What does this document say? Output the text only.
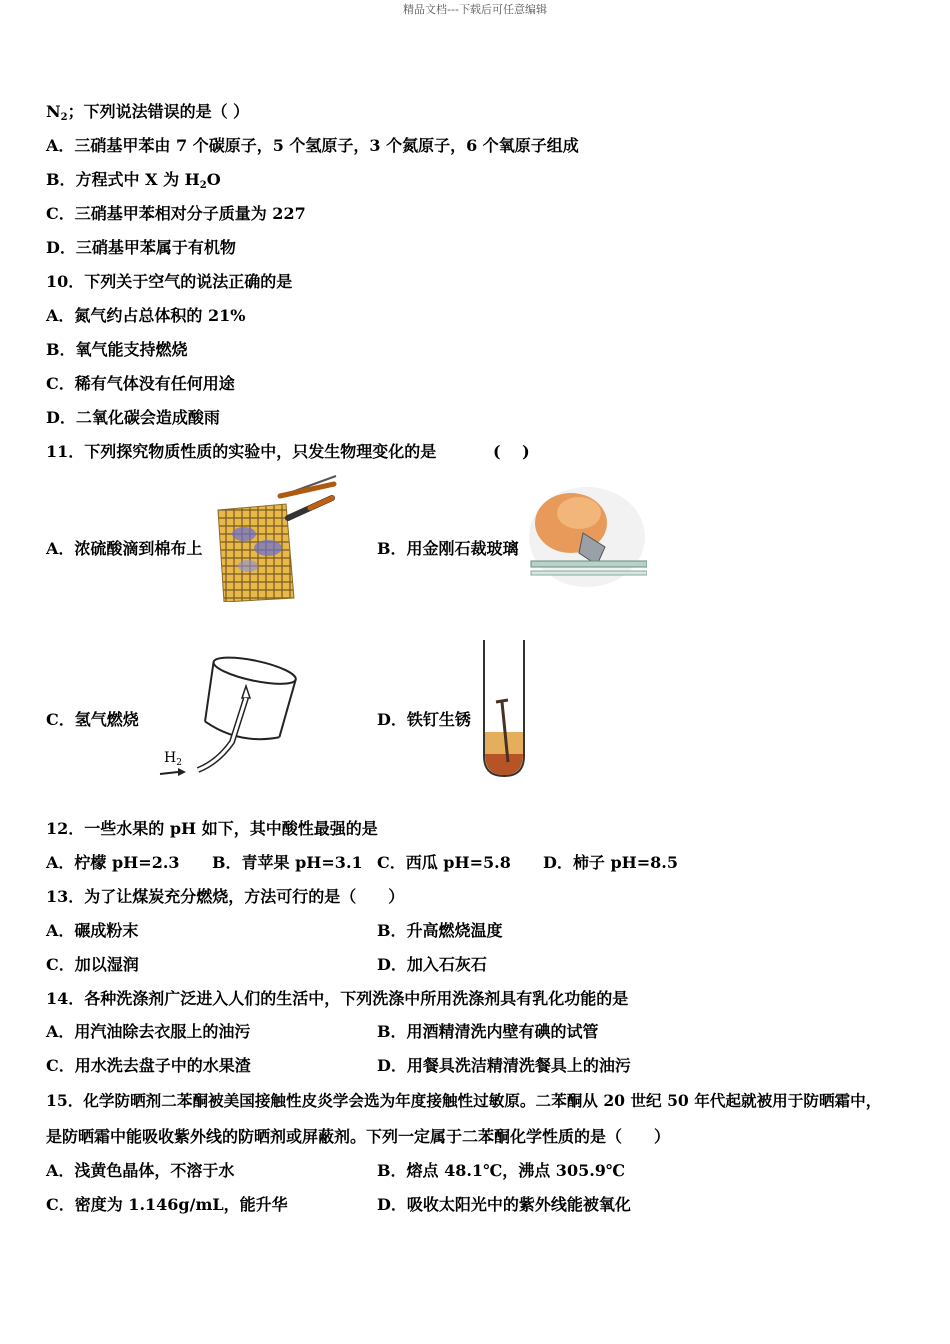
精品文档---下载后可任意编辑
$N_2$；下列说法错误的是（ ）
A．三硝基甲苯由 7 个碳原子，5 个氢原子，3 个氮原子，6 个氧原子组成
B．方程式中 X 为 $H_2O$
C．三硝基甲苯相对分子质量为 227
D．三硝基甲苯属于有机物
10．下列关于空气的说法正确的是
A．氮气约占总体积的 21%
B．氧气能支持燃烧
C．稀有气体没有任何用途
D．二氧化碳会造成酸雨
11．下列探究物质性质的实验中，只发生物理变化的是	(　 )
A．浓硫酸滴到棉布上	B．用金刚石裁玻璃
C．氢气燃烧
$H_2$
D．铁钉生锈
12．一些水果的 pH 如下，其中酸性最强的是
A．柠檬 pH=2.3 B．青苹果 pH=3.1 C．西瓜 pH=5.8 D．柿子 pH=8.5
13．为了让煤炭充分燃烧，方法可行的是（　　）
A．碾成粉末	B．升高燃烧温度
C．加以湿润	D．加入石灰石
14．各种洗涤剂广泛进入人们的生活中，下列洗涤中所用洗涤剂具有乳化功能的是
A．用汽油除去衣服上的油污	B．用酒精清洗内壁有碘的试管
C．用水洗去盘子中的水果渣	D．用餐具洗洁精清洗餐具上的油污
15．化学防晒剂二苯酮被美国接触性皮炎学会选为年度接触性过敏原。二苯酮从 20 世纪 50 年代起就被用于防晒霜中，
是防晒霜中能吸收紫外线的防晒剂或屏蔽剂。下列一定属于二苯酮化学性质的是（　　）
A．浅黄色晶体，不溶于水	B．熔点 48.1℃，沸点 305.9℃
C．密度为 1.146g/mL，能升华	D．吸收太阳光中的紫外线能被氧化
